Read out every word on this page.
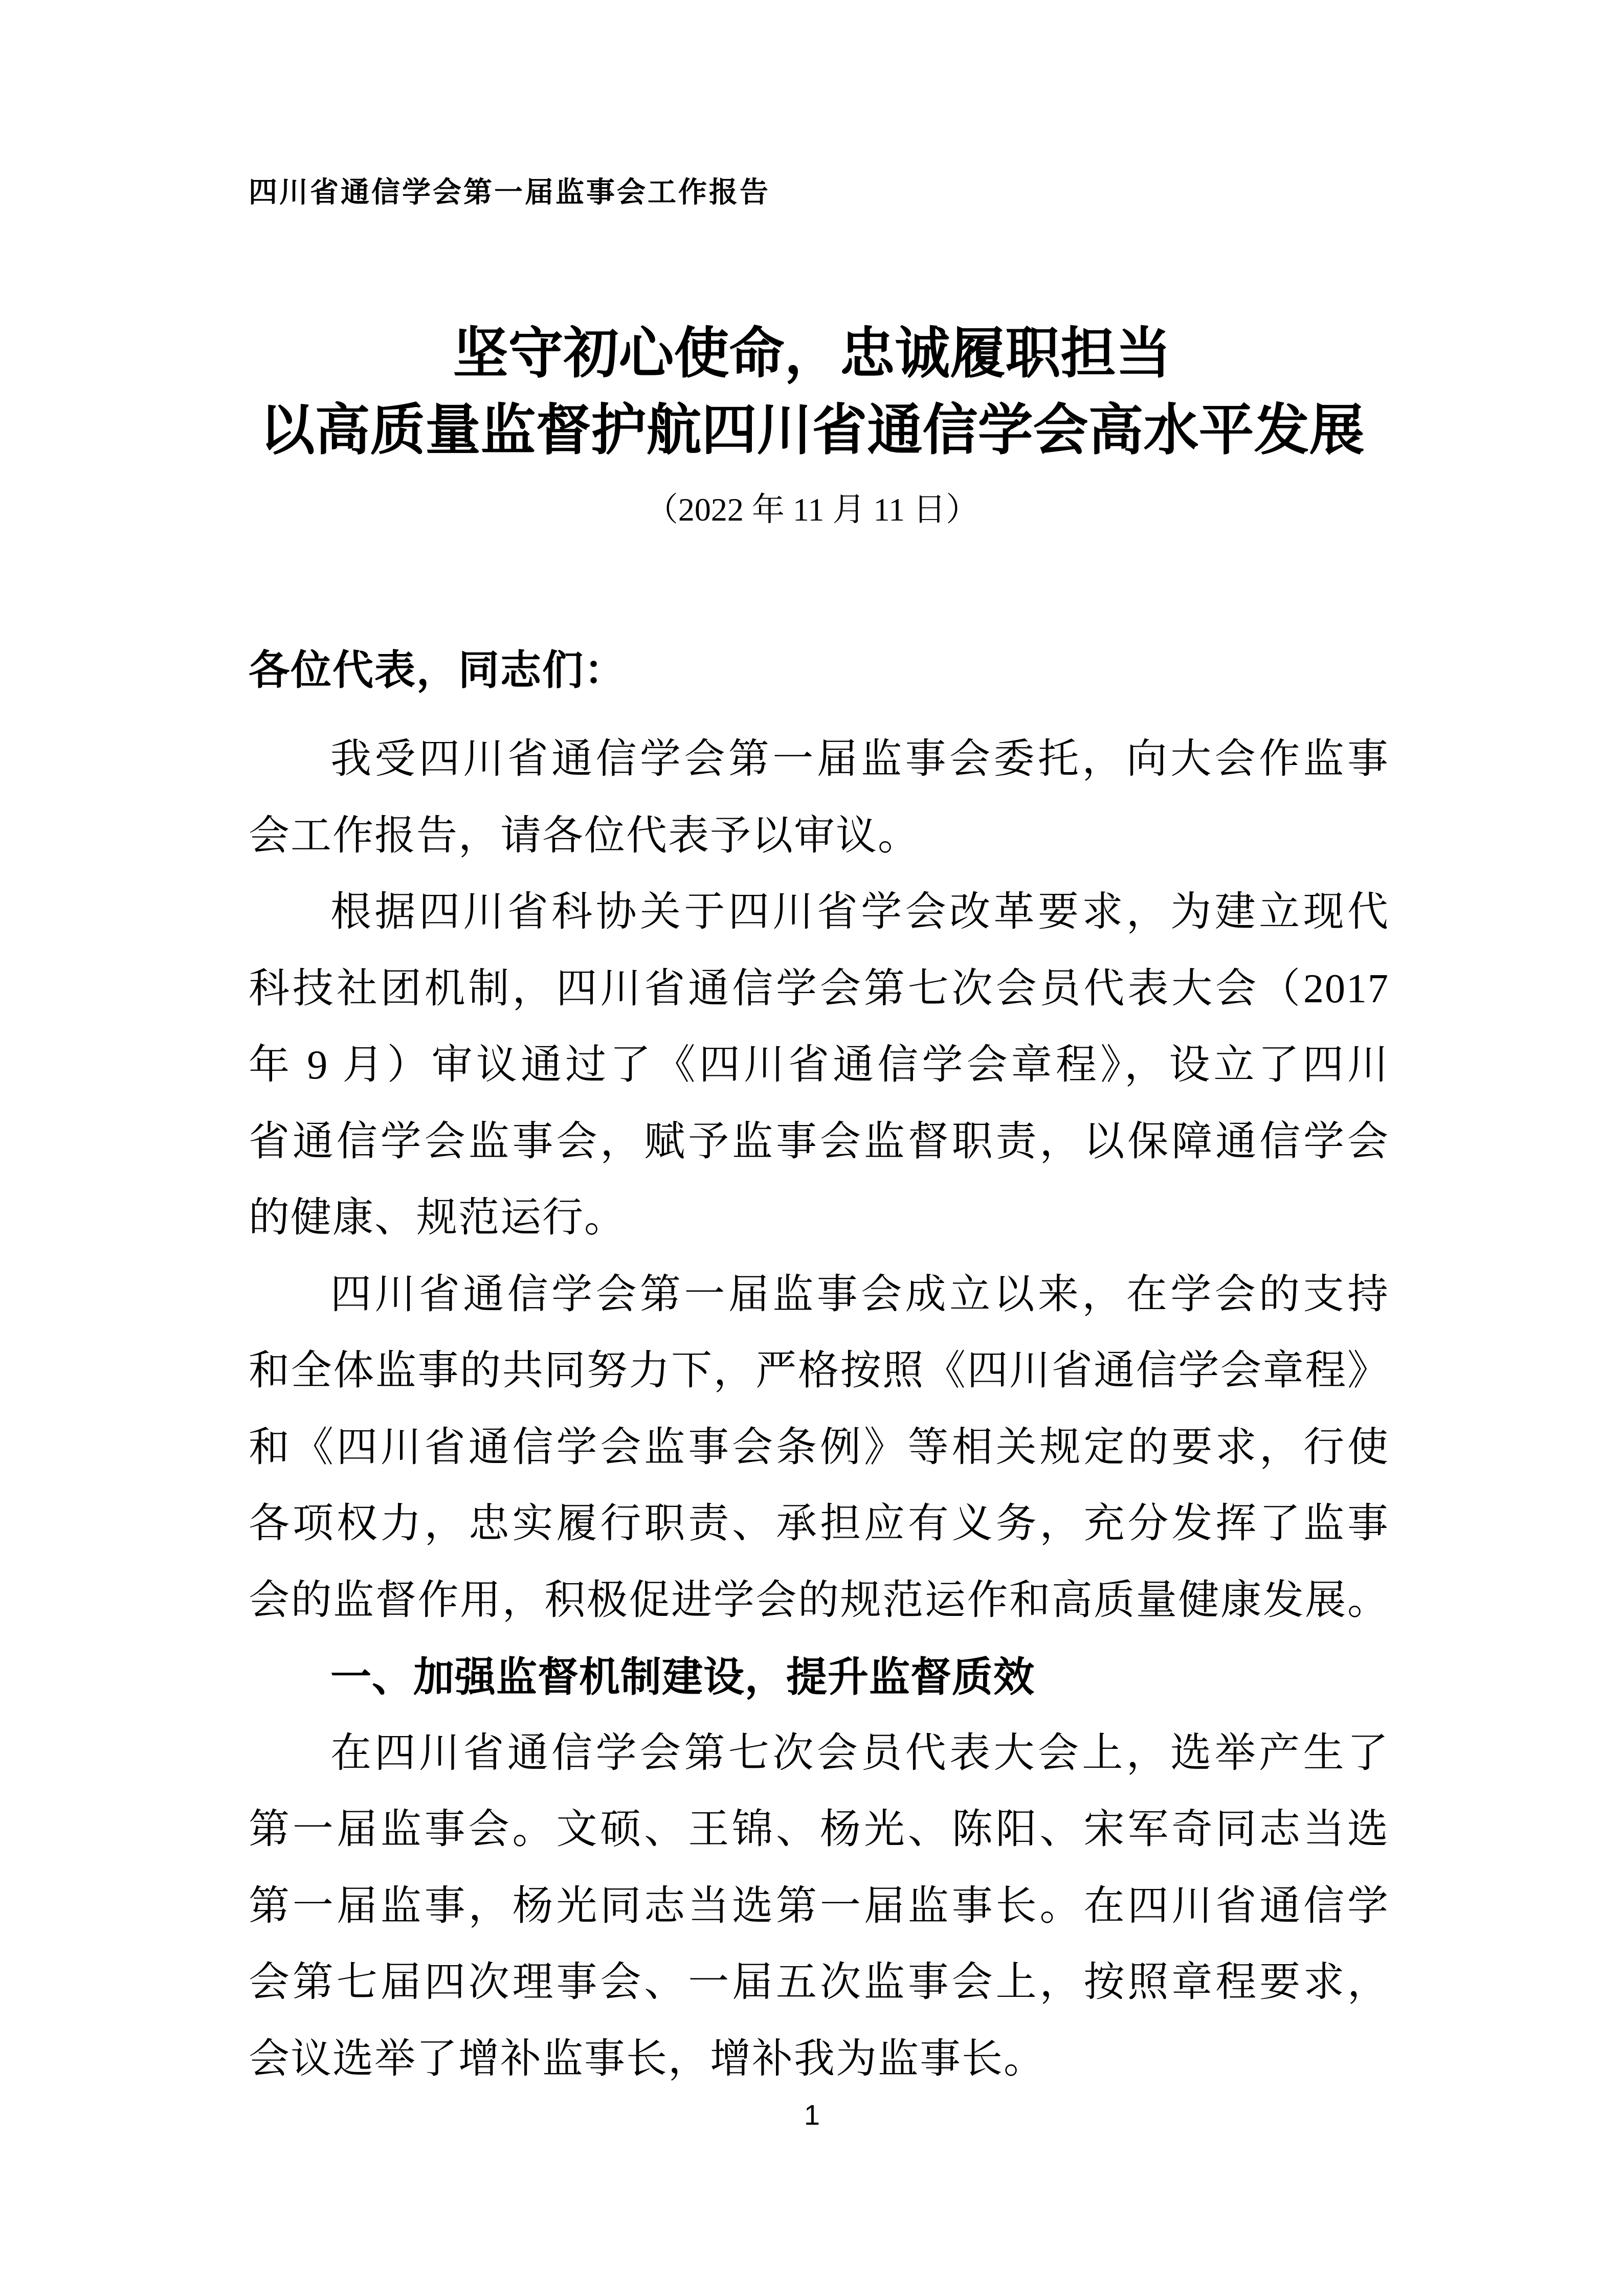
四川省通信学会第一届监事会工作报告
坚守初心使命，忠诚履职担当
以高质量监督护航四川省通信学会高水平发展
（2022 年 11 月 11 日）
各位代表，同志们：
我受四川省通信学会第一届监事会委托，向大会作监事
会工作报告，请各位代表予以审议。
根据四川省科协关于四川省学会改革要求，为建立现代
科技社团机制，四川省通信学会第七次会员代表大会（2017
年 9 月）审议通过了《四川省通信学会章程》，设立了四川
省通信学会监事会，赋予监事会监督职责，以保障通信学会
的健康、规范运行。
四川省通信学会第一届监事会成立以来，在学会的支持
和全体监事的共同努力下，严格按照《四川省通信学会章程》
和《四川省通信学会监事会条例》等相关规定的要求，行使
各项权力，忠实履行职责、承担应有义务，充分发挥了监事
会的监督作用，积极促进学会的规范运作和高质量健康发展。
一、加强监督机制建设，提升监督质效
在四川省通信学会第七次会员代表大会上，选举产生了
第一届监事会。文硕、王锦、杨光、陈阳、宋军奇同志当选
第一届监事，杨光同志当选第一届监事长。在四川省通信学
会第七届四次理事会、一届五次监事会上，按照章程要求，
会议选举了增补监事长，增补我为监事长。
1
